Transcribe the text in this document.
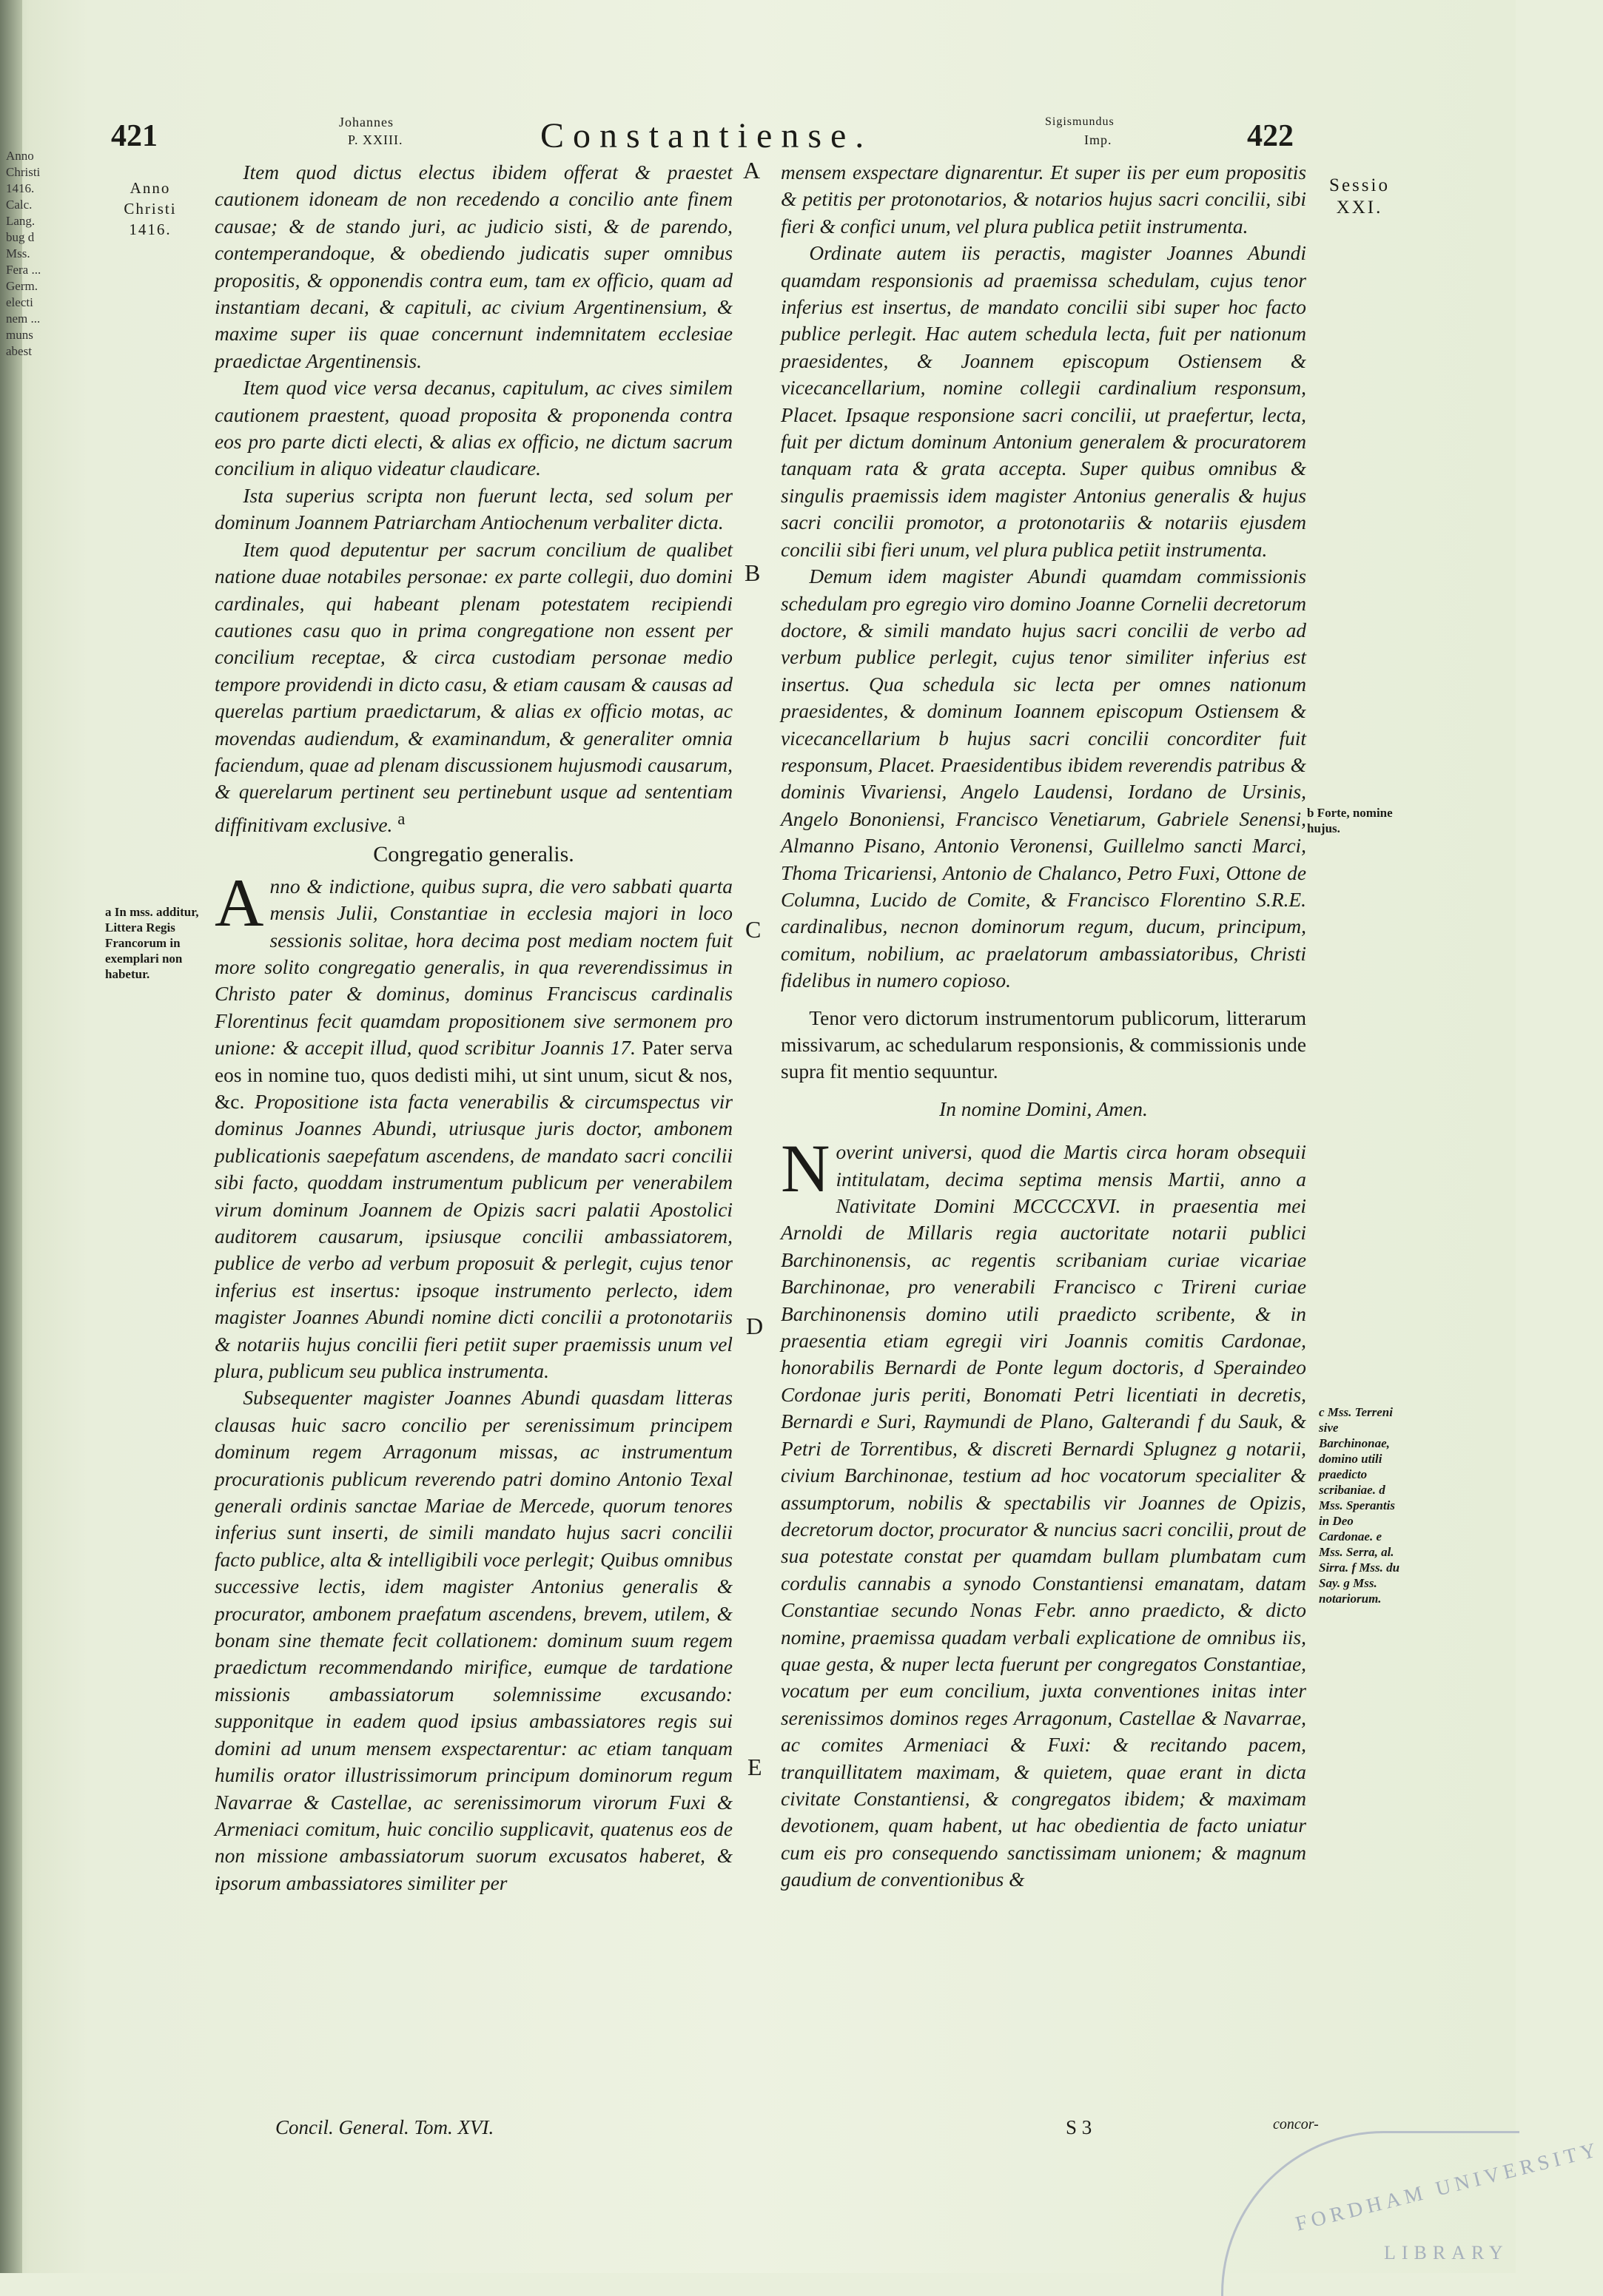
Anno Christi 1416. Calc. Lang. bug d Mss. Fera ... Germ. electi nem ... muns abest
421	Johannes
P. XXIII.	Constantiense.	Sigismundus
Imp.	422
Anno Christi 1416.
Sessio XXI.
a In mss. additur, Littera Regis Francorum in exemplari non habetur.
b Forte, nomine hujus.
c Mss. Terreni sive Barchinonae, domino utili praedicto scribaniae. d Mss. Sperantis in Deo Cardonae. e Mss. Serra, al. Sirra. f Mss. du Say. g Mss. notariorum.
A
B
C
D
E

Item quod dictus electus ibidem offerat & praestet cautionem idoneam de non recedendo a concilio ante finem causae; & de stando juri, ac judicio sisti, & de parendo, contemperandoque, & obediendo judicatis super omnibus propositis, & opponendis contra eum, tam ex officio, quam ad instantiam decani, & capituli, ac civium Argentinensium, & maxime super iis quae concernunt indemnitatem ecclesiae praedictae Argentinensis.

Item quod vice versa decanus, capitulum, ac cives similem cautionem praestent, quoad proposita & proponenda contra eos pro parte dicti electi, & alias ex officio, ne dictum sacrum concilium in aliquo videatur claudicare.

Ista superius scripta non fuerunt lecta, sed solum per dominum Joannem Patriarcham Antiochenum verbaliter dicta.

Item quod deputentur per sacrum concilium de qualibet natione duae notabiles personae: ex parte collegii, duo domini cardinales, qui habeant plenam potestatem recipiendi cautiones casu quo in prima congregatione non essent per concilium receptae, & circa custodiam personae medio tempore providendi in dicto casu, & etiam causam & causas ad querelas partium praedictarum, & alias ex officio motas, ac movendas audiendum, & examinandum, & generaliter omnia faciendum, quae ad plenam discussionem hujusmodi causarum, & querelarum pertinent seu pertinebunt usque ad sententiam diffinitivam exclusive. $^a$

Congregatio generalis.

Anno & indictione, quibus supra, die vero sabbati quarta mensis Julii, Constantiae in ecclesia majori in loco sessionis solitae, hora decima post mediam noctem fuit more solito congregatio generalis, in qua reverendissimus in Christo pater & dominus, dominus Franciscus cardinalis Florentinus fecit quamdam propositionem sive sermonem pro unione: & accepit illud, quod scribitur Joannis 17. Pater serva eos in nomine tuo, quos dedisti mihi, ut sint unum, sicut & nos, &c. Propositione ista facta venerabilis & circumspectus vir dominus Joannes Abundi, utriusque juris doctor, ambonem publicationis saepefatum ascendens, de mandato sacri concilii sibi facto, quoddam instrumentum publicum per venerabilem virum dominum Joannem de Opizis sacri palatii Apostolici auditorem causarum, ipsiusque concilii ambassiatorem, publice de verbo ad verbum proposuit & perlegit, cujus tenor inferius est insertus: ipsoque instrumento perlecto, idem magister Joannes Abundi nomine dicti concilii a protonotariis & notariis hujus concilii fieri petiit super praemissis unum vel plura, publicum seu publica instrumenta.

Subsequenter magister Joannes Abundi quasdam litteras clausas huic sacro concilio per serenissimum principem dominum regem Arragonum missas, ac instrumentum procurationis publicum reverendo patri domino Antonio Texal generali ordinis sanctae Mariae de Mercede, quorum tenores inferius sunt inserti, de simili mandato hujus sacri concilii facto publice, alta & intelligibili voce perlegit; Quibus omnibus successive lectis, idem magister Antonius generalis & procurator, ambonem praefatum ascendens, brevem, utilem, & bonam sine themate fecit collationem: dominum suum regem praedictum recommendando mirifice, eumque de tardatione missionis ambassiatorum solemnissime excusando: supponitque in eadem quod ipsius ambassiatores regis sui domini ad unum mensem exspectarentur: ac etiam tanquam humilis orator illustrissimorum principum dominorum regum Navarrae & Castellae, ac serenissimorum virorum Fuxi & Armeniaci comitum, huic concilio supplicavit, quatenus eos de non missione ambassiatorum suorum excusatos haberet, & ipsorum ambassiatores similiter per

mensem exspectare dignarentur. Et super iis per eum propositis & petitis per protonotarios, & notarios hujus sacri concilii, sibi fieri & confici unum, vel plura publica petiit instrumenta.

Ordinate autem iis peractis, magister Joannes Abundi quamdam responsionis ad praemissa schedulam, cujus tenor inferius est insertus, de mandato concilii sibi super hoc facto publice perlegit. Hac autem schedula lecta, fuit per nationum praesidentes, & Joannem episcopum Ostiensem & vicecancellarium, nomine collegii cardinalium responsum, Placet. Ipsaque responsione sacri concilii, ut praefertur, lecta, fuit per dictum dominum Antonium generalem & procuratorem tanquam rata & grata accepta. Super quibus omnibus & singulis praemissis idem magister Antonius generalis & hujus sacri concilii promotor, a protonotariis & notariis ejusdem concilii sibi fieri unum, vel plura publica petiit instrumenta.

Demum idem magister Abundi quamdam commissionis schedulam pro egregio viro domino Joanne Cornelii decretorum doctore, & simili mandato hujus sacri concilii de verbo ad verbum publice perlegit, cujus tenor similiter inferius est insertus. Qua schedula sic lecta per omnes nationum praesidentes, & dominum Ioannem episcopum Ostiensem & vicecancellarium b hujus sacri concilii concorditer fuit responsum, Placet. Praesidentibus ibidem reverendis patribus & dominis Vivariensi, Angelo Laudensi, Iordano de Ursinis, Angelo Bononiensi, Francisco Venetiarum, Gabriele Senensi, Almanno Pisano, Antonio Veronensi, Guillelmo sancti Marci, Thoma Tricariensi, Antonio de Chalanco, Petro Fuxi, Ottone de Columna, Lucido de Comite, & Francisco Florentino S.R.E. cardinalibus, necnon dominorum regum, ducum, principum, comitum, nobilium, ac praelatorum ambassiatoribus, Christi fidelibus in numero copioso.

Tenor vero dictorum instrumentorum publicorum, litterarum missivarum, ac schedularum responsionis, & commissionis unde supra fit mentio sequuntur.

In nomine Domini, Amen.

Noverint universi, quod die Martis circa horam obsequii intitulatam, decima septima mensis Martii, anno a Nativitate Domini MCCCCXVI. in praesentia mei Arnoldi de Millaris regia auctoritate notarii publici Barchinonensis, ac regentis scribaniam curiae vicariae Barchinonae, pro venerabili Francisco c Trireni curiae Barchinonensis domino utili praedicto scribente, & in praesentia etiam egregii viri Joannis comitis Cardonae, honorabilis Bernardi de Ponte legum doctoris, d Speraindeo Cordonae juris periti, Bonomati Petri licentiati in decretis, Bernardi e Suri, Raymundi de Plano, Galterandi f du Sauk, & Petri de Torrentibus, & discreti Bernardi Splugnez g notarii, civium Barchinonae, testium ad hoc vocatorum specialiter & assumptorum, nobilis & spectabilis vir Joannes de Opizis, decretorum doctor, procurator & nuncius sacri concilii, prout de sua potestate constat per quamdam bullam plumbatam cum cordulis cannabis a synodo Constantiensi emanatam, datam Constantiae secundo Nonas Febr. anno praedicto, & dicto nomine, praemissa quadam verbali explicatione de omnibus iis, quae gesta, & nuper lecta fuerunt per congregatos Constantiae, vocatum per eum concilium, juxta conventiones initas inter serenissimos dominos reges Arragonum, Castellae & Navarrae, ac comites Armeniaci & Fuxi: & recitando pacem, tranquillitatem maximam, & quietem, quae erant in dicta civitate Constantiensi, & congregatos ibidem; & maximam devotionem, quam habent, ut hac obedientia de facto uniatur cum eis pro consequendo sanctissimam unionem; & magnum gaudium de conventionibus &

Concil. General. Tom. XVI.	S 3	concor-
FORDHAM UNIVERSITY
LIBRARY
